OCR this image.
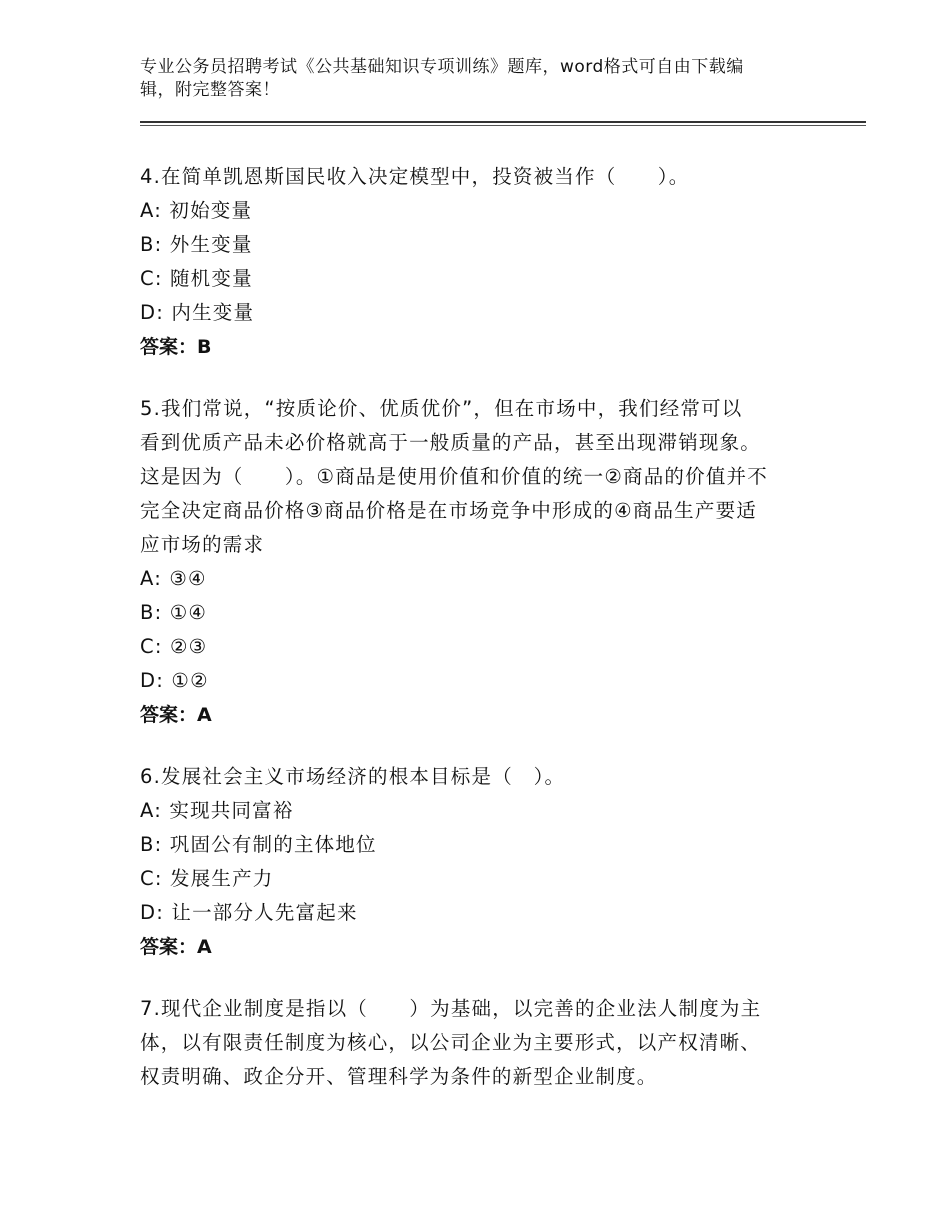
专业公务员招聘考试《公共基础知识专项训练》题库，word格式可自由下载编
辑，附完整答案！
4.在简单凯恩斯国民收入决定模型中，投资被当作（　　）。
A: 初始变量
B: 外生变量
C: 随机变量
D: 内生变量
答案：B
5.我们常说，“按质论价、优质优价”，但在市场中，我们经常可以
看到优质产品未必价格就高于一般质量的产品，甚至出现滞销现象。
这是因为（　　）。①商品是使用价值和价值的统一②商品的价值并不
完全决定商品价格③商品价格是在市场竞争中形成的④商品生产要适
应市场的需求
A: ③④
B: ①④
C: ②③
D: ①②
答案：A
6.发展社会主义市场经济的根本目标是（　）。
A: 实现共同富裕
B: 巩固公有制的主体地位
C: 发展生产力
D: 让一部分人先富起来
答案：A
7.现代企业制度是指以（　　）为基础，以完善的企业法人制度为主
体，以有限责任制度为核心，以公司企业为主要形式，以产权清晰、
权责明确、政企分开、管理科学为条件的新型企业制度。
